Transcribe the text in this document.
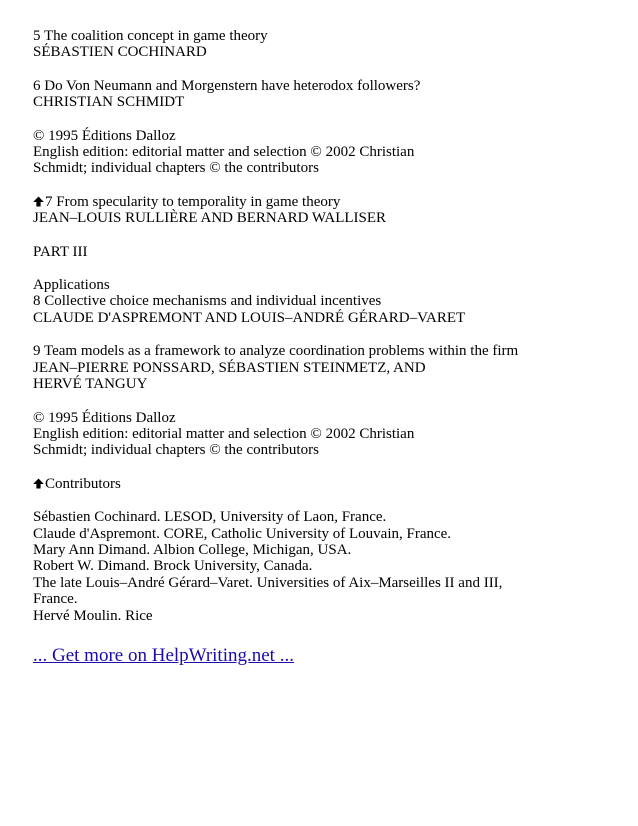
5 The coalition concept in game theory
SÉBASTIEN COCHINARD
6 Do Von Neumann and Morgenstern have heterodox followers?
CHRISTIAN SCHMIDT
© 1995 Éditions Dalloz
English edition: editorial matter and selection © 2002 Christian
Schmidt; individual chapters © the contributors
7 From specularity to temporality in game theory
JEAN–LOUIS RULLIÈRE AND BERNARD WALLISER
PART III
Applications
8 Collective choice mechanisms and individual incentives
CLAUDE D'ASPREMONT AND LOUIS–ANDRÉ GÉRARD–VARET
9 Team models as a framework to analyze coordination problems within the firm
JEAN–PIERRE PONSSARD, SÉBASTIEN STEINMETZ, AND
HERVÉ TANGUY
© 1995 Éditions Dalloz
English edition: editorial matter and selection © 2002 Christian
Schmidt; individual chapters © the contributors
Contributors
Sébastien Cochinard. LESOD, University of Laon, France.
Claude d'Aspremont. CORE, Catholic University of Louvain, France.
Mary Ann Dimand. Albion College, Michigan, USA.
Robert W. Dimand. Brock University, Canada.
The late Louis–André Gérard–Varet. Universities of Aix–Marseilles II and III,
France.
Hervé Moulin. Rice
... Get more on HelpWriting.net ...
